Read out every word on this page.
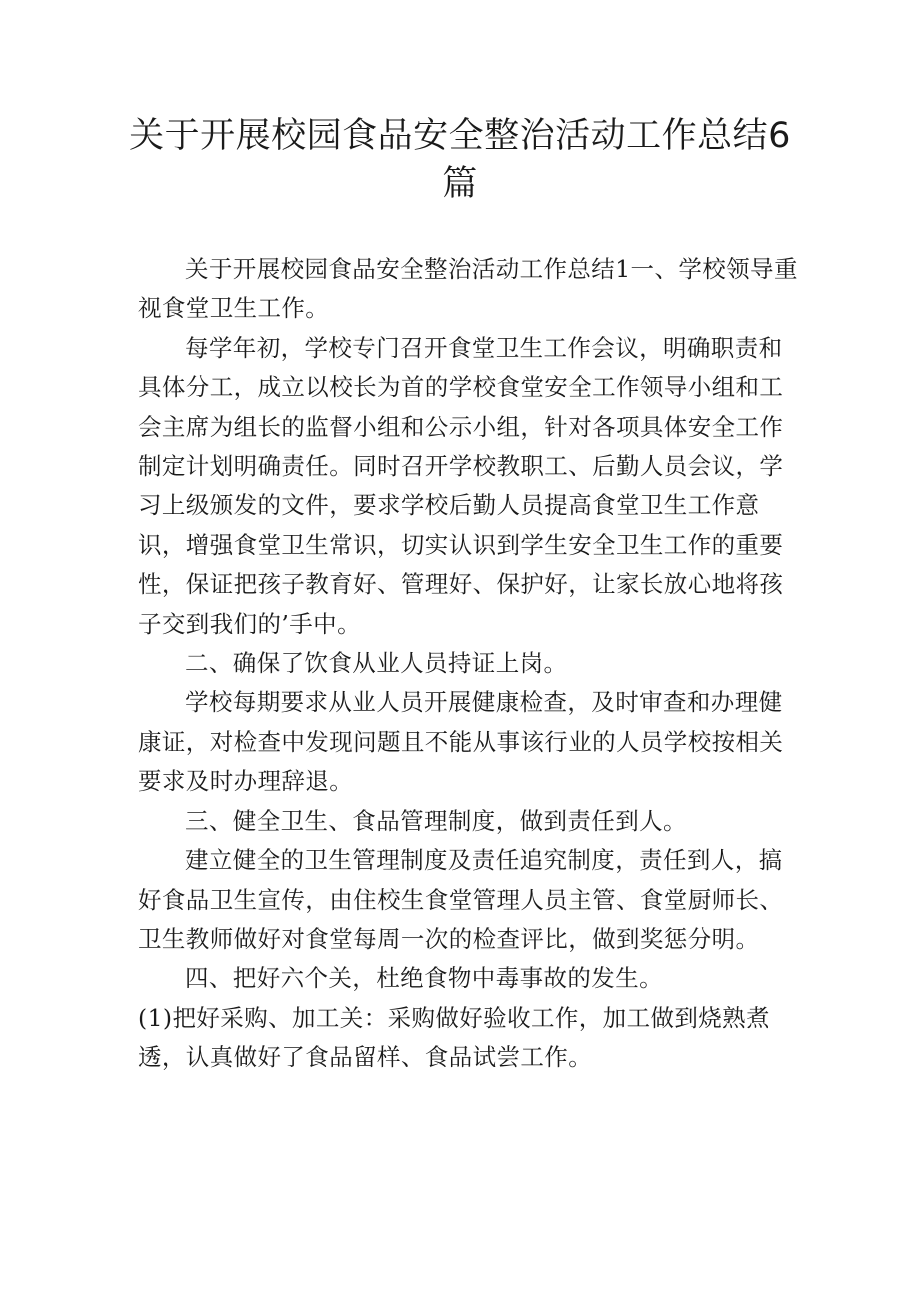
关于开展校园食品安全整治活动工作总结6
篇

关于开展校园食品安全整治活动工作总结1一、学校领导重视食堂卫生工作。

每学年初，学校专门召开食堂卫生工作会议，明确职责和具体分工，成立以校长为首的学校食堂安全工作领导小组和工会主席为组长的监督小组和公示小组，针对各项具体安全工作制定计划明确责任。同时召开学校教职工、后勤人员会议，学习上级颁发的文件，要求学校后勤人员提高食堂卫生工作意识，增强食堂卫生常识，切实认识到学生安全卫生工作的重要性，保证把孩子教育好、管理好、保护好，让家长放心地将孩子交到我们的’手中。

二、确保了饮食从业人员持证上岗。

学校每期要求从业人员开展健康检查，及时审查和办理健康证，对检查中发现问题且不能从事该行业的人员学校按相关要求及时办理辞退。

三、健全卫生、食品管理制度，做到责任到人。

建立健全的卫生管理制度及责任追究制度，责任到人，搞好食品卫生宣传，由住校生食堂管理人员主管、食堂厨师长、卫生教师做好对食堂每周一次的检查评比，做到奖惩分明。

四、把好六个关，杜绝食物中毒事故的发生。

(1)把好采购、加工关：采购做好验收工作，加工做到烧熟煮透，认真做好了食品留样、食品试尝工作。
